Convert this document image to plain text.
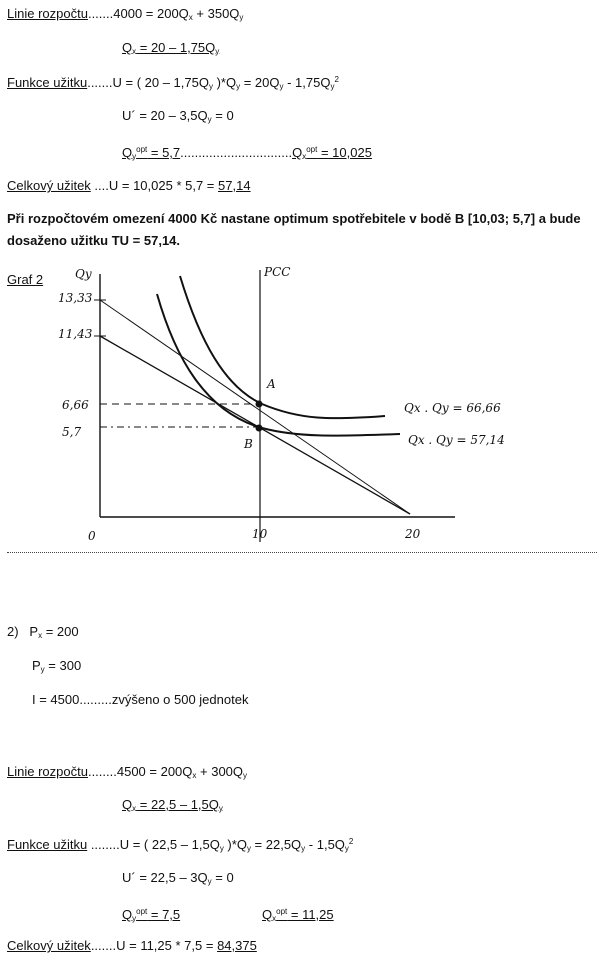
Linie rozpočtu.......4000 = $200Q_x + 350Q_y$
$Q_x = 20 - 1,75Q_y$
Funkce užitku.......U = ( $20 - 1,75Q_y$ )$*Q_y = 20Q_y - 1,75Q_y^2$
U´ = $20 - 3,5Q_y = 0$
$Q_y^{opt} = 5,7...............................Q_x^{opt} = 10,025$
Celkový užitek ....U = 10,025 * 5,7 = 57,14
Při rozpočtovém omezení 4000 Kč nastane optimum spotřebitele v bodě B [10,03; 5,7] a bude dosaženo užitku TU = 57,14.
Graf 2	Qy	PCC
13,33
11,43
6,66
5,7
0	10	20
A
B
Qx . Qy = 66,66
Qx . Qy = 57,14
2) $P_x = 200$
$P_y = 300$
I = 4500.........zvýšeno o 500 jednotek
Linie rozpočtu........4500 = $200Q_x + 300Q_y$
$Q_x = 22,5 - 1,5Q_y$
Funkce užitku ........U = ( $22,5 - 1,5Q_y$ )$*Q_y = 22,5Q_y - 1,5Q_y^2$
U´ = $22,5 - 3Q_y = 0$
$Q_y^{opt} = 7,5$	$Q_x^{opt} = 11,25$
Celkový užitek.......U = 11,25 * 7,5 = 84,375
